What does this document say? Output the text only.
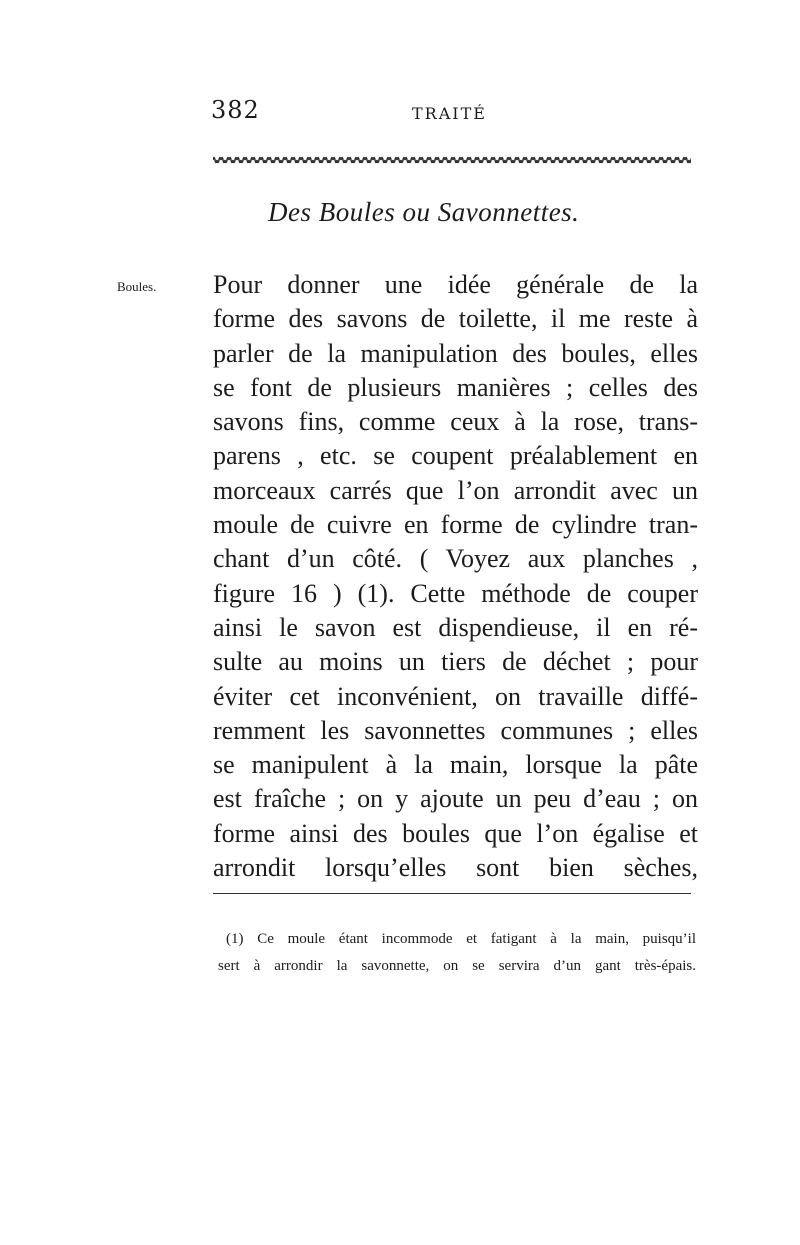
382	TRAITÉ
Des Boules ou Savonnettes.
Boules. Pour donner une idée générale de la
forme des savons de toilette, il me reste à
parler de la manipulation des boules, elles
se font de plusieurs manières ; celles des
savons fins, comme ceux à la rose, trans-
parens , etc. se coupent préalablement en
morceaux carrés que l’on arrondit avec un
moule de cuivre en forme de cylindre tran-
chant d’un côté. ( Voyez aux planches ,
figure 16 ) (1). Cette méthode de couper
ainsi le savon est dispendieuse, il en ré-
sulte au moins un tiers de déchet ; pour
éviter cet inconvénient, on travaille diffé-
remment les savonnettes communes ; elles
se manipulent à la main, lorsque la pâte
est fraîche ; on y ajoute un peu d’eau ; on
forme ainsi des boules que l’on égalise et
arrondit lorsqu’elles sont bien sèches,
(1) Ce moule étant incommode et fatigant à la main, puisqu’il
sert à arrondir la savonnette, on se servira d’un gant très-épais.
